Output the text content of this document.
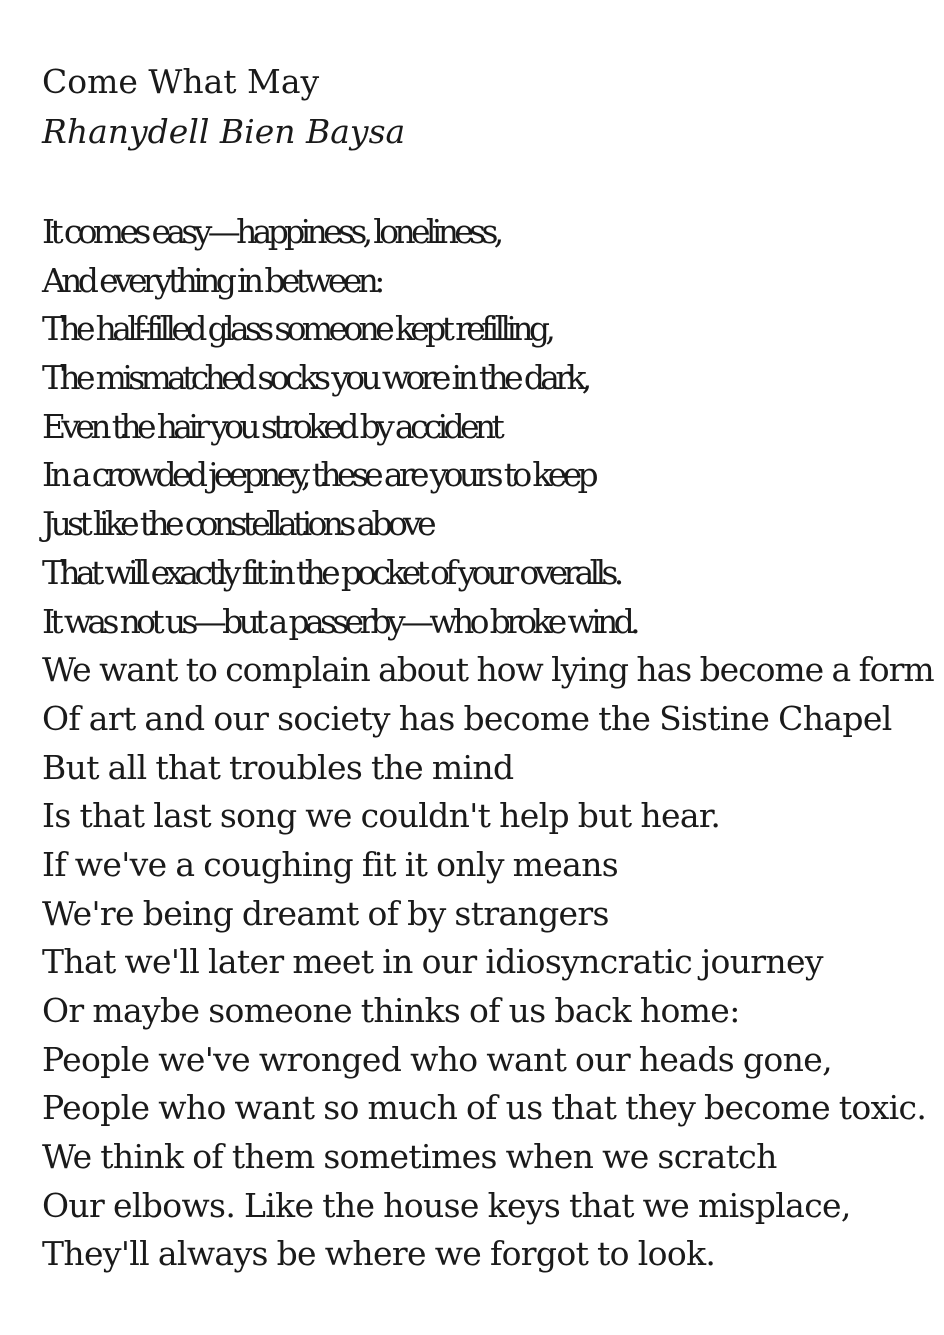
Come What May
Rhanydell Bien Baysa
It comes easy—happiness, loneliness,
And everything in between:
The half-filled glass someone kept refilling,
The mismatched socks you wore in the dark,
Even the hair you stroked by accident
In a crowded jeepney, these are yours to keep
Just like the constellations above
That will exactly fit in the pocket of your overalls.
It was not us—but a passerby—who broke wind.
We want to complain about how lying has become a form
Of art and our society has become the Sistine Chapel
But all that troubles the mind
Is that last song we couldn't help but hear.
If we've a coughing fit it only means
We're being dreamt of by strangers
That we'll later meet in our idiosyncratic journey
Or maybe someone thinks of us back home:
People we've wronged who want our heads gone,
People who want so much of us that they become toxic.
We think of them sometimes when we scratch
Our elbows. Like the house keys that we misplace,
They'll always be where we forgot to look.
